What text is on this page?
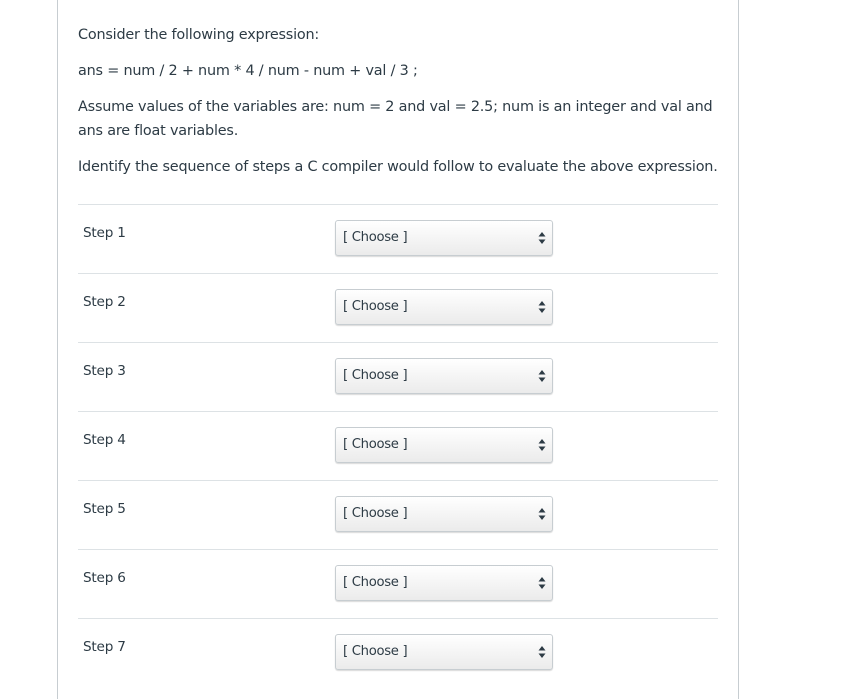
Consider the following expression:

ans = num / 2 + num * 4 / num - num + val / 3 ;

Assume values of the variables are: num = 2 and val = 2.5; num is an integer and val and ans are float variables.

Identify the sequence of steps a C compiler would follow to evaluate the above expression.

Step 1	[ Choose ]
Step 2	[ Choose ]
Step 3	[ Choose ]
Step 4	[ Choose ]
Step 5	[ Choose ]
Step 6	[ Choose ]
Step 7	[ Choose ]
